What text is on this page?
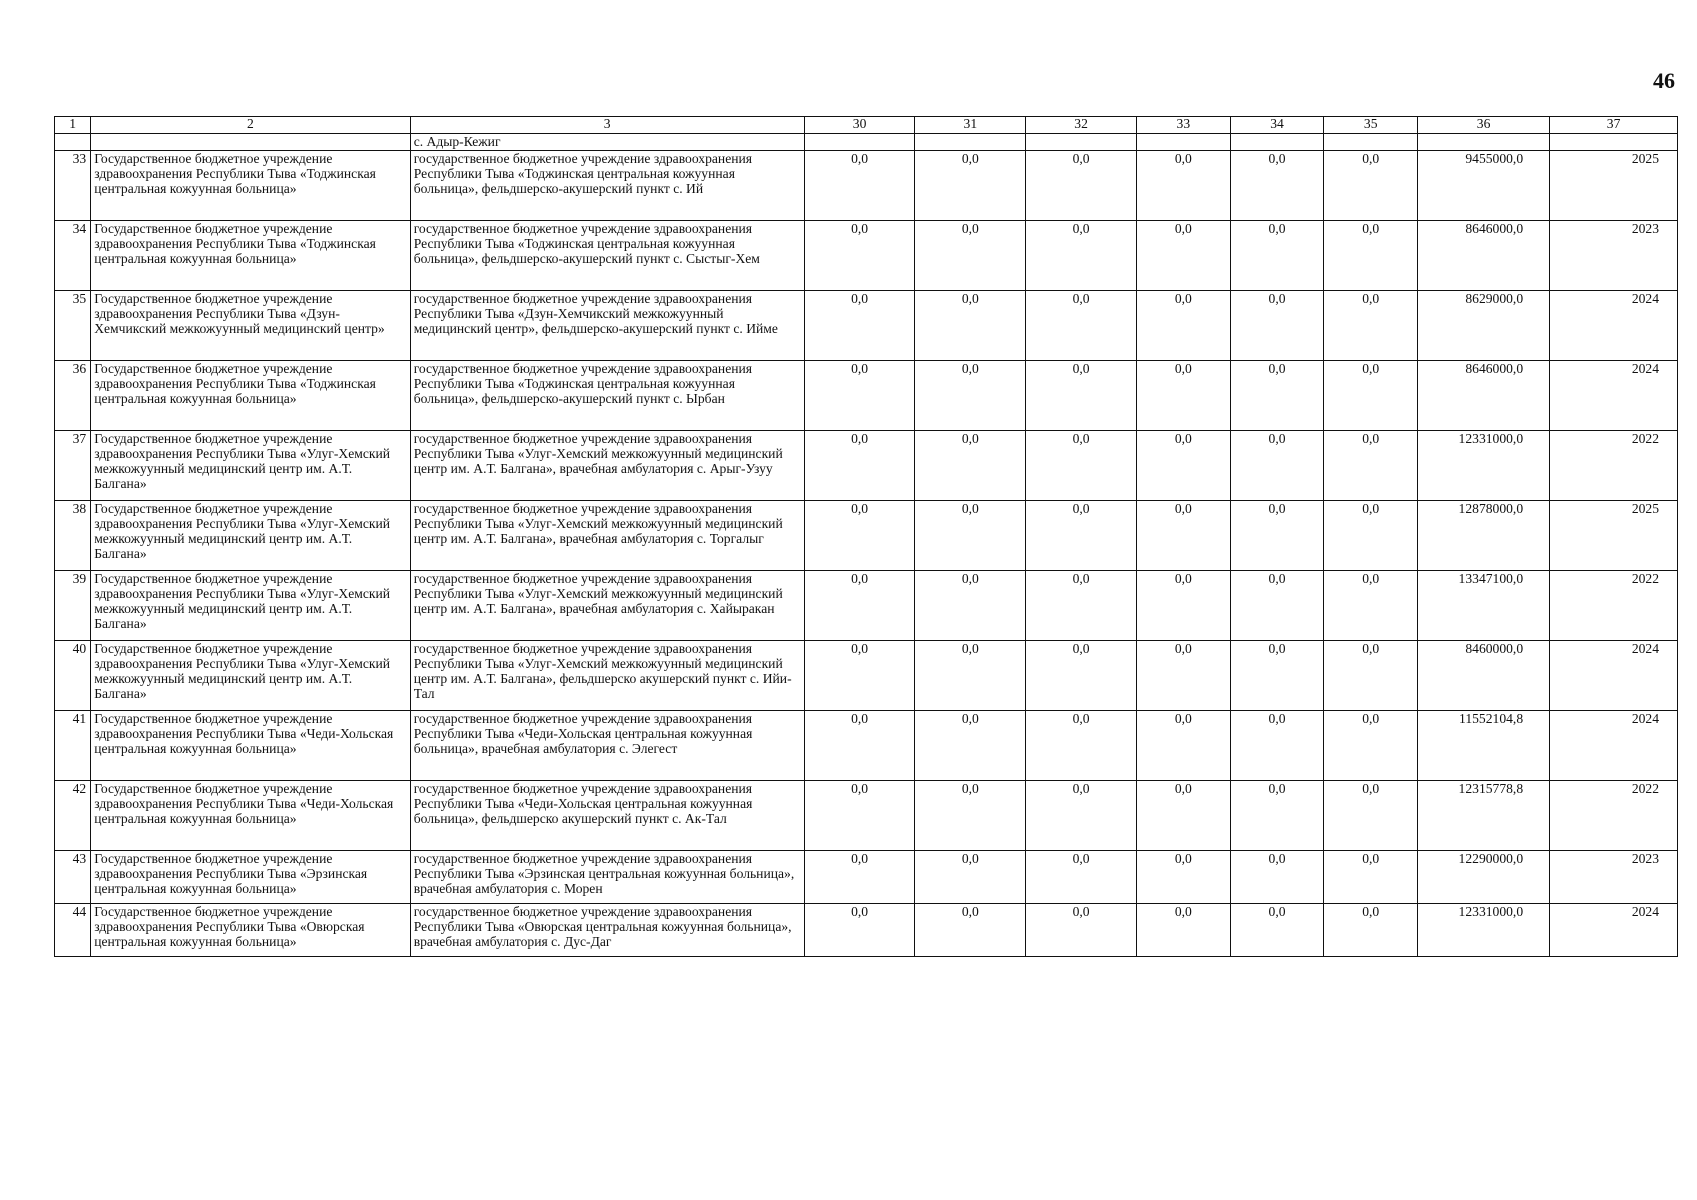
46
1	2	3	30	31	32	33	34	35	36	37
		с. Адыр-Кежиг								
33	Государственное бюджетное учреждение здравоохранения Республики Тыва «Тоджинская центральная кожуунная больница»	государственное бюджетное учреждение здравоохранения Республики Тыва «Тоджинская центральная кожуунная больница», фельдшерско-акушерский пункт с. Ий	0,0	0,0	0,0	0,0	0,0	0,0	9455000,0	2025
34	Государственное бюджетное учреждение здравоохранения Республики Тыва «Тоджинская центральная кожуунная больница»	государственное бюджетное учреждение здравоохранения Республики Тыва «Тоджинская центральная кожуунная больница», фельдшерско-акушерский пункт с. Сыстыг-Хем	0,0	0,0	0,0	0,0	0,0	0,0	8646000,0	2023
35	Государственное бюджетное учреждение здравоохранения Республики Тыва «Дзун-Хемчикский межкожуунный медицинский центр»	государственное бюджетное учреждение здравоохранения Республики Тыва «Дзун-Хемчикский межкожуунный медицинский центр», фельдшерско-акушерский пункт с. Ийме	0,0	0,0	0,0	0,0	0,0	0,0	8629000,0	2024
36	Государственное бюджетное учреждение здравоохранения Республики Тыва «Тоджинская центральная кожуунная больница»	государственное бюджетное учреждение здравоохранения Республики Тыва «Тоджинская центральная кожуунная больница», фельдшерско-акушерский пункт с. Ырбан	0,0	0,0	0,0	0,0	0,0	0,0	8646000,0	2024
37	Государственное бюджетное учреждение здравоохранения Республики Тыва «Улуг-Хемский межкожуунный медицинский центр им. А.Т. Балгана»	государственное бюджетное учреждение здравоохранения Республики Тыва «Улуг-Хемский межкожуунный медицинский центр им. А.Т. Балгана», врачебная амбулатория с. Арыг-Узуу	0,0	0,0	0,0	0,0	0,0	0,0	12331000,0	2022
38	Государственное бюджетное учреждение здравоохранения Республики Тыва «Улуг-Хемский межкожуунный медицинский центр им. А.Т. Балгана»	государственное бюджетное учреждение здравоохранения Республики Тыва «Улуг-Хемский межкожуунный медицинский центр им. А.Т. Балгана», врачебная амбулатория с. Торгалыг	0,0	0,0	0,0	0,0	0,0	0,0	12878000,0	2025
39	Государственное бюджетное учреждение здравоохранения Республики Тыва «Улуг-Хемский межкожуунный медицинский центр им. А.Т. Балгана»	государственное бюджетное учреждение здравоохранения Республики Тыва «Улуг-Хемский межкожуунный медицинский центр им. А.Т. Балгана», врачебная амбулатория с. Хайыракан	0,0	0,0	0,0	0,0	0,0	0,0	13347100,0	2022
40	Государственное бюджетное учреждение здравоохранения Республики Тыва «Улуг-Хемский межкожуунный медицинский центр им. А.Т. Балгана»	государственное бюджетное учреждение здравоохранения Республики Тыва «Улуг-Хемский межкожуунный медицинский центр им. А.Т. Балгана», фельдшерско акушерский пункт с. Ийи-Тал	0,0	0,0	0,0	0,0	0,0	0,0	8460000,0	2024
41	Государственное бюджетное учреждение здравоохранения Республики Тыва «Чеди-Хольская центральная кожуунная больница»	государственное бюджетное учреждение здравоохранения Республики Тыва «Чеди-Хольская центральная кожуунная больница», врачебная амбулатория с. Элегест	0,0	0,0	0,0	0,0	0,0	0,0	11552104,8	2024
42	Государственное бюджетное учреждение здравоохранения Республики Тыва «Чеди-Хольская центральная кожуунная больница»	государственное бюджетное учреждение здравоохранения Республики Тыва «Чеди-Хольская центральная кожуунная больница», фельдшерско акушерский пункт с. Ак-Тал	0,0	0,0	0,0	0,0	0,0	0,0	12315778,8	2022
43	Государственное бюджетное учреждение здравоохранения Республики Тыва «Эрзинская центральная кожуунная больница»	государственное бюджетное учреждение здравоохранения Республики Тыва «Эрзинская центральная кожуунная больница», врачебная амбулатория с. Морен	0,0	0,0	0,0	0,0	0,0	0,0	12290000,0	2023
44	Государственное бюджетное учреждение здравоохранения Республики Тыва «Овюрская центральная кожуунная больница»	государственное бюджетное учреждение здравоохранения Республики Тыва «Овюрская центральная кожуунная больница», врачебная амбулатория с. Дус-Даг	0,0	0,0	0,0	0,0	0,0	0,0	12331000,0	2024
